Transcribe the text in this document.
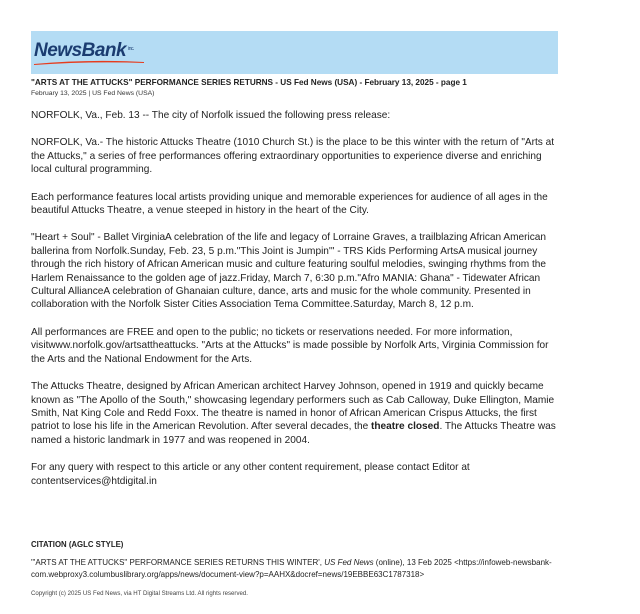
NewsBank $^{inc.}$
"ARTS AT THE ATTUCKS" PERFORMANCE SERIES RETURNS - US Fed News (USA) - February 13, 2025 - page 1
February 13, 2025 | US Fed News (USA)

NORFOLK, Va., Feb. 13 -- The city of Norfolk issued the following press release:

NORFOLK, Va.- The historic Attucks Theatre (1010 Church St.) is the place to be this winter with the return of "Arts at the Attucks," a series of free performances offering extraordinary opportunities to experience diverse and enriching local cultural programming.

Each performance features local artists providing unique and memorable experiences for audience of all ages in the beautiful Attucks Theatre, a venue steeped in history in the heart of the City.

"Heart + Soul" - Ballet VirginiaA celebration of the life and legacy of Lorraine Graves, a trailblazing African American ballerina from Norfolk.Sunday, Feb. 23, 5 p.m."This Joint is Jumpin'" - TRS Kids Performing ArtsA musical journey through the rich history of African American music and culture featuring soulful melodies, swinging rhythms from the Harlem Renaissance to the golden age of jazz.Friday, March 7, 6:30 p.m."Afro MANIA: Ghana" - Tidewater African Cultural AllianceA celebration of Ghanaian culture, dance, arts and music for the whole community. Presented in collaboration with the Norfolk Sister Cities Association Tema Committee.Saturday, March 8, 12 p.m.

All performances are FREE and open to the public; no tickets or reservations needed. For more information, visitwww.norfolk.gov/artsattheattucks. "Arts at the Attucks" is made possible by Norfolk Arts, Virginia Commission for the Arts and the National Endowment for the Arts.

The Attucks Theatre, designed by African American architect Harvey Johnson, opened in 1919 and quickly became known as "The Apollo of the South," showcasing legendary performers such as Cab Calloway, Duke Ellington, Mamie Smith, Nat King Cole and Redd Foxx. The theatre is named in honor of African American Crispus Attucks, the first patriot to lose his life in the American Revolution. After several decades, the theatre closed. The Attucks Theatre was named a historic landmark in 1977 and was reopened in 2004.

For any query with respect to this article or any other content requirement, please contact Editor at contentservices@htdigital.in

CITATION (AGLC STYLE)
'"ARTS AT THE ATTUCKS" PERFORMANCE SERIES RETURNS THIS WINTER', US Fed News (online), 13 Feb 2025 <https://infoweb-newsbank-com.webproxy3.columbuslibrary.org/apps/news/document-view?p=AAHX&docref=news/19EBBE63C1787318>
Copyright (c) 2025 US Fed News, via HT Digital Streams Ltd. All rights reserved.
